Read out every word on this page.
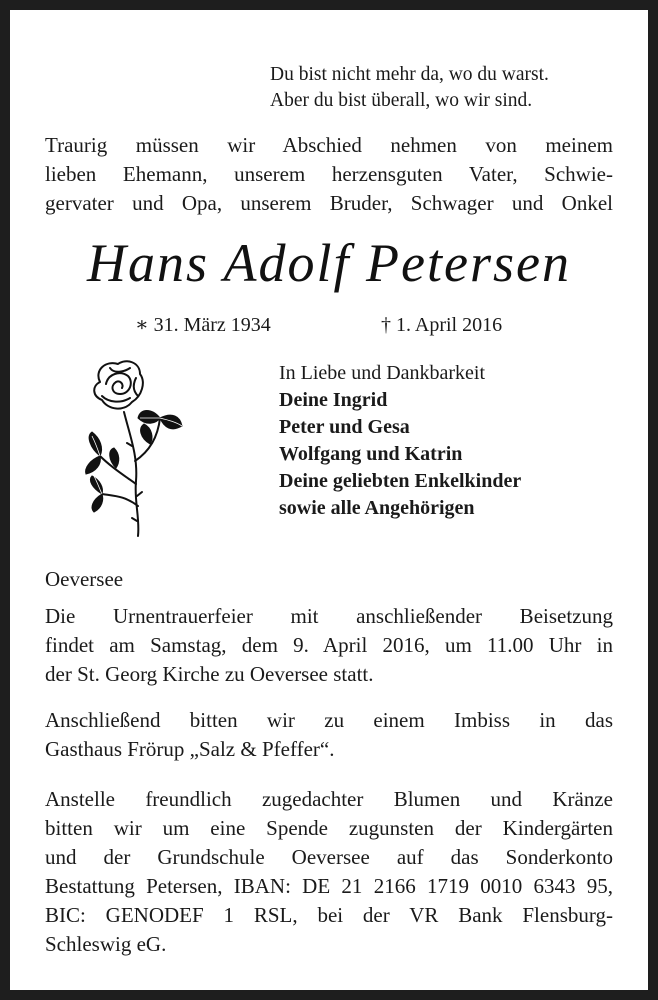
Du bist nicht mehr da, wo du warst.
Aber du bist überall, wo wir sind.
Traurig müssen wir Abschied nehmen von meinem
lieben Ehemann, unserem herzensguten Vater, Schwie-
gervater und Opa, unserem Bruder, Schwager und Onkel
Hans Adolf Petersen
∗ 31. März 1934	† 1. April 2016
In Liebe und Dankbarkeit
Deine Ingrid
Peter und Gesa
Wolfgang und Katrin
Deine geliebten Enkelkinder
sowie alle Angehörigen
Oeversee
Die Urnentrauerfeier mit anschließender Beisetzung
findet am Samstag, dem 9. April 2016, um 11.00 Uhr in
der St. Georg Kirche zu Oeversee statt.
Anschließend bitten wir zu einem Imbiss in das
Gasthaus Frörup „Salz & Pfeffer“.
Anstelle freundlich zugedachter Blumen und Kränze
bitten wir um eine Spende zugunsten der Kindergärten
und der Grundschule Oeversee auf das Sonderkonto
Bestattung Petersen, IBAN: DE 21 2166 1719 0010 6343 95,
BIC: GENODEF 1 RSL, bei der VR Bank Flensburg-
Schleswig eG.
